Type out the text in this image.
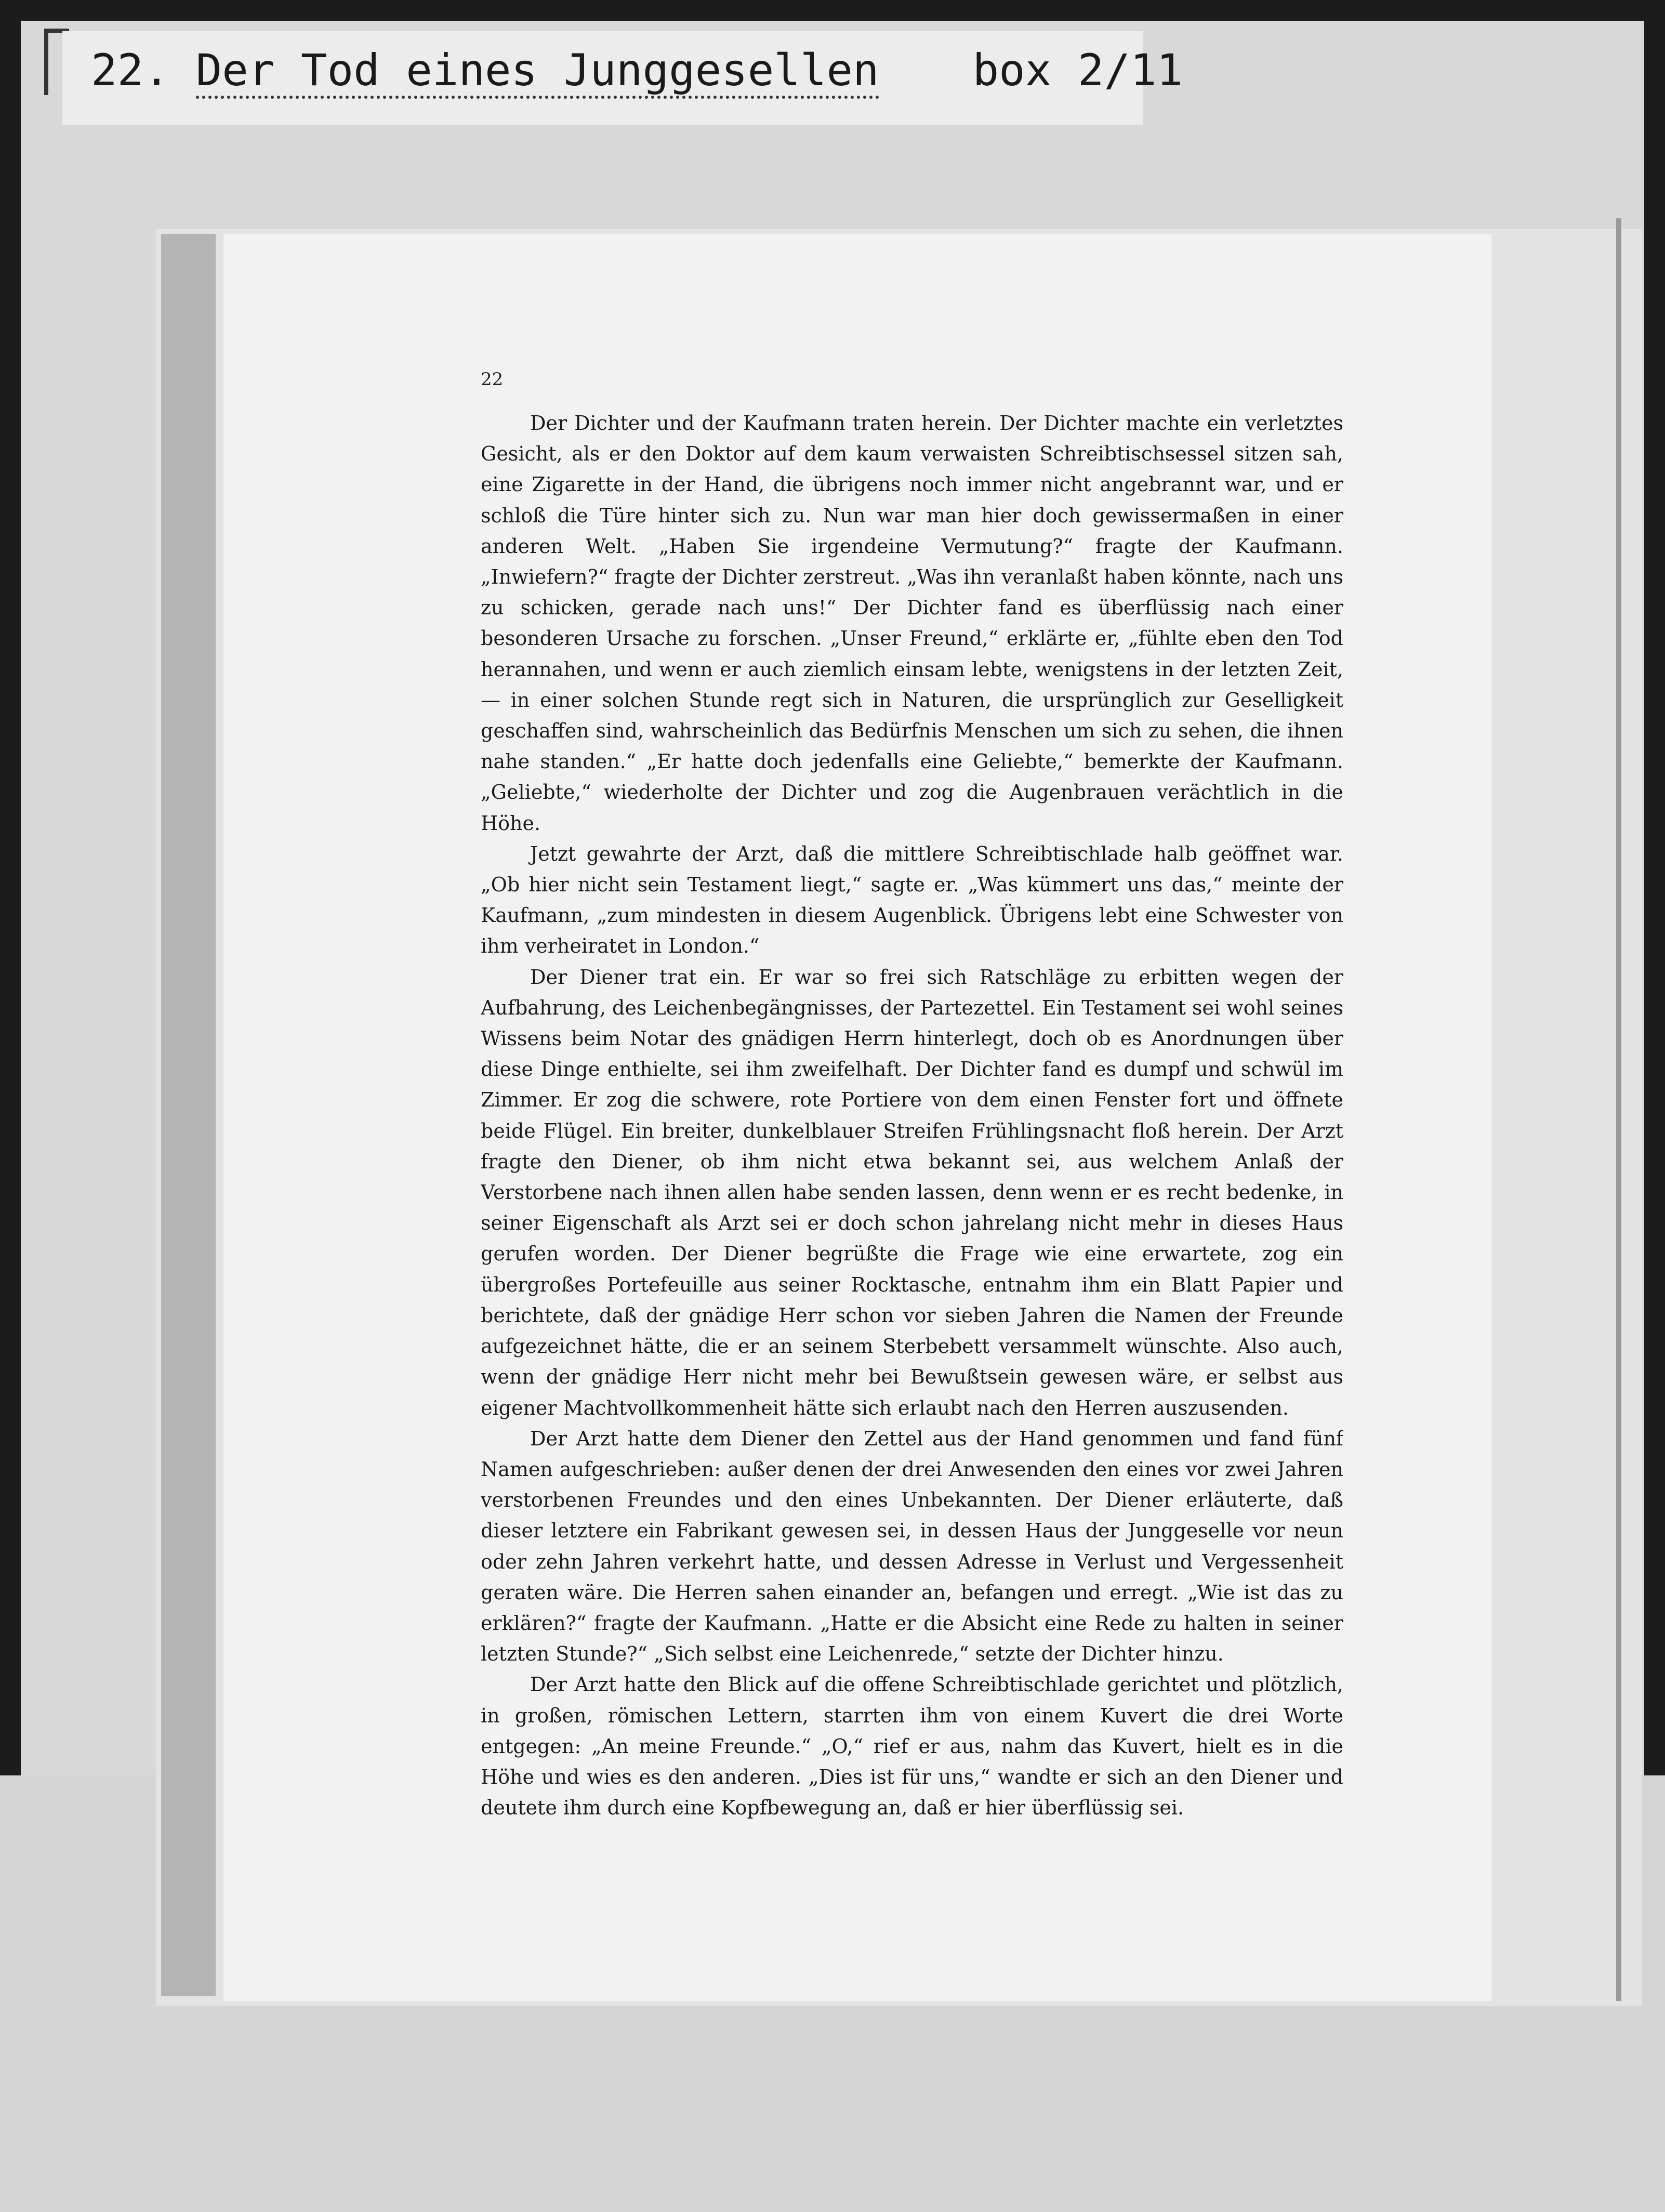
22. Der Tod eines Junggesellen box 2/11
22

Der Dichter und der Kaufmann traten herein. Der Dichter machte ein verletztes Gesicht, als er den Doktor auf dem kaum verwaisten Schreibtischsessel sitzen sah, eine Zigarette in der Hand, die übrigens noch immer nicht angebrannt war, und er schloß die Türe hinter sich zu. Nun war man hier doch gewissermaßen in einer anderen Welt. „Haben Sie irgendeine Vermutung?“ fragte der Kaufmann. „Inwiefern?“ fragte der Dichter zerstreut. „Was ihn veranlaßt haben könnte, nach uns zu schicken, gerade nach uns!“ Der Dichter fand es überflüssig nach einer besonderen Ursache zu forschen. „Unser Freund,“ erklärte er, „fühlte eben den Tod herannahen, und wenn er auch ziemlich einsam lebte, wenigstens in der letzten Zeit, — in einer solchen Stunde regt sich in Naturen, die ursprünglich zur Geselligkeit geschaffen sind, wahrscheinlich das Bedürfnis Menschen um sich zu sehen, die ihnen nahe standen.“ „Er hatte doch jedenfalls eine Geliebte,“ bemerkte der Kaufmann. „Geliebte,“ wiederholte der Dichter und zog die Augenbrauen verächtlich in die Höhe.

Jetzt gewahrte der Arzt, daß die mittlere Schreibtischlade halb geöffnet war. „Ob hier nicht sein Testament liegt,“ sagte er. „Was kümmert uns das,“ meinte der Kaufmann, „zum mindesten in diesem Augenblick. Übrigens lebt eine Schwester von ihm verheiratet in London.“

Der Diener trat ein. Er war so frei sich Ratschläge zu erbitten wegen der Aufbahrung, des Leichenbegängnisses, der Partezettel. Ein Testament sei wohl seines Wissens beim Notar des gnädigen Herrn hinterlegt, doch ob es Anordnungen über diese Dinge enthielte, sei ihm zweifelhaft. Der Dichter fand es dumpf und schwül im Zimmer. Er zog die schwere, rote Portiere von dem einen Fenster fort und öffnete beide Flügel. Ein breiter, dunkelblauer Streifen Frühlingsnacht floß herein. Der Arzt fragte den Diener, ob ihm nicht etwa bekannt sei, aus welchem Anlaß der Verstorbene nach ihnen allen habe senden lassen, denn wenn er es recht bedenke, in seiner Eigenschaft als Arzt sei er doch schon jahrelang nicht mehr in dieses Haus gerufen worden. Der Diener begrüßte die Frage wie eine erwartete, zog ein übergroßes Portefeuille aus seiner Rocktasche, entnahm ihm ein Blatt Papier und berichtete, daß der gnädige Herr schon vor sieben Jahren die Namen der Freunde aufgezeichnet hätte, die er an seinem Sterbebett versammelt wünschte. Also auch, wenn der gnädige Herr nicht mehr bei Bewußtsein gewesen wäre, er selbst aus eigener Machtvollkommenheit hätte sich erlaubt nach den Herren auszusenden.

Der Arzt hatte dem Diener den Zettel aus der Hand genommen und fand fünf Namen aufgeschrieben: außer denen der drei Anwesenden den eines vor zwei Jahren verstorbenen Freundes und den eines Unbekannten. Der Diener erläuterte, daß dieser letztere ein Fabrikant gewesen sei, in dessen Haus der Junggeselle vor neun oder zehn Jahren verkehrt hatte, und dessen Adresse in Verlust und Vergessenheit geraten wäre. Die Herren sahen einander an, befangen und erregt. „Wie ist das zu erklären?“ fragte der Kaufmann. „Hatte er die Absicht eine Rede zu halten in seiner letzten Stunde?“ „Sich selbst eine Leichenrede,“ setzte der Dichter hinzu.

Der Arzt hatte den Blick auf die offene Schreibtischlade gerichtet und plötzlich, in großen, römischen Lettern, starrten ihm von einem Kuvert die drei Worte entgegen: „An meine Freunde.“ „O,“ rief er aus, nahm das Kuvert, hielt es in die Höhe und wies es den anderen. „Dies ist für uns,“ wandte er sich an den Diener und deutete ihm durch eine Kopfbewegung an, daß er hier überflüssig sei.
